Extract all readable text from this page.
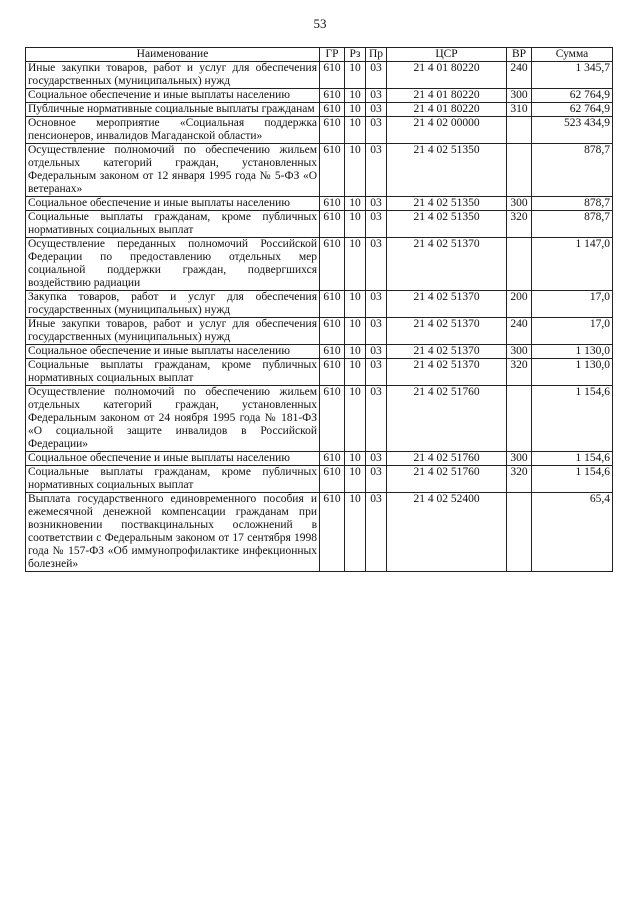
53
Наименование	ГР	Рз	Пр	ЦСР	ВР	Сумма
Иные закупки товаров, работ и услуг для обеспечения государственных (муниципальных) нужд	610	10	03	21 4 01 80220	240	1 345,7
Социальное обеспечение и иные выплаты населению	610	10	03	21 4 01 80220	300	62 764,9
Публичные нормативные социальные выплаты гражданам	610	10	03	21 4 01 80220	310	62 764,9
Основное мероприятие «Социальная поддержка пенсионеров, инвалидов Магаданской области»	610	10	03	21 4 02 00000		523 434,9
Осуществление полномочий по обеспечению жильем отдельных категорий граждан, установленных Федеральным законом от 12 января 1995 года № 5-ФЗ «О ветеранах»	610	10	03	21 4 02 51350		878,7
Социальное обеспечение и иные выплаты населению	610	10	03	21 4 02 51350	300	878,7
Социальные выплаты гражданам, кроме публичных нормативных социальных выплат	610	10	03	21 4 02 51350	320	878,7
Осуществление переданных полномочий Российской Федерации по предоставлению отдельных мер социальной поддержки граждан, подвергшихся воздействию радиации	610	10	03	21 4 02 51370		1 147,0
Закупка товаров, работ и услуг для обеспечения государственных (муниципальных) нужд	610	10	03	21 4 02 51370	200	17,0
Иные закупки товаров, работ и услуг для обеспечения государственных (муниципальных) нужд	610	10	03	21 4 02 51370	240	17,0
Социальное обеспечение и иные выплаты населению	610	10	03	21 4 02 51370	300	1 130,0
Социальные выплаты гражданам, кроме публичных нормативных социальных выплат	610	10	03	21 4 02 51370	320	1 130,0
Осуществление полномочий по обеспечению жильем отдельных категорий граждан, установленных Федеральным законом от 24 ноября 1995 года № 181-ФЗ «О социальной защите инвалидов в Российской Федерации»	610	10	03	21 4 02 51760		1 154,6
Социальное обеспечение и иные выплаты населению	610	10	03	21 4 02 51760	300	1 154,6
Социальные выплаты гражданам, кроме публичных нормативных социальных выплат	610	10	03	21 4 02 51760	320	1 154,6
Выплата государственного единовременного пособия и ежемесячной денежной компенсации гражданам при возникновении поствакцинальных осложнений в соответствии с Федеральным законом от 17 сентября 1998 года № 157-ФЗ «Об иммунопрофилактике инфекционных болезней»	610	10	03	21 4 02 52400		65,4
